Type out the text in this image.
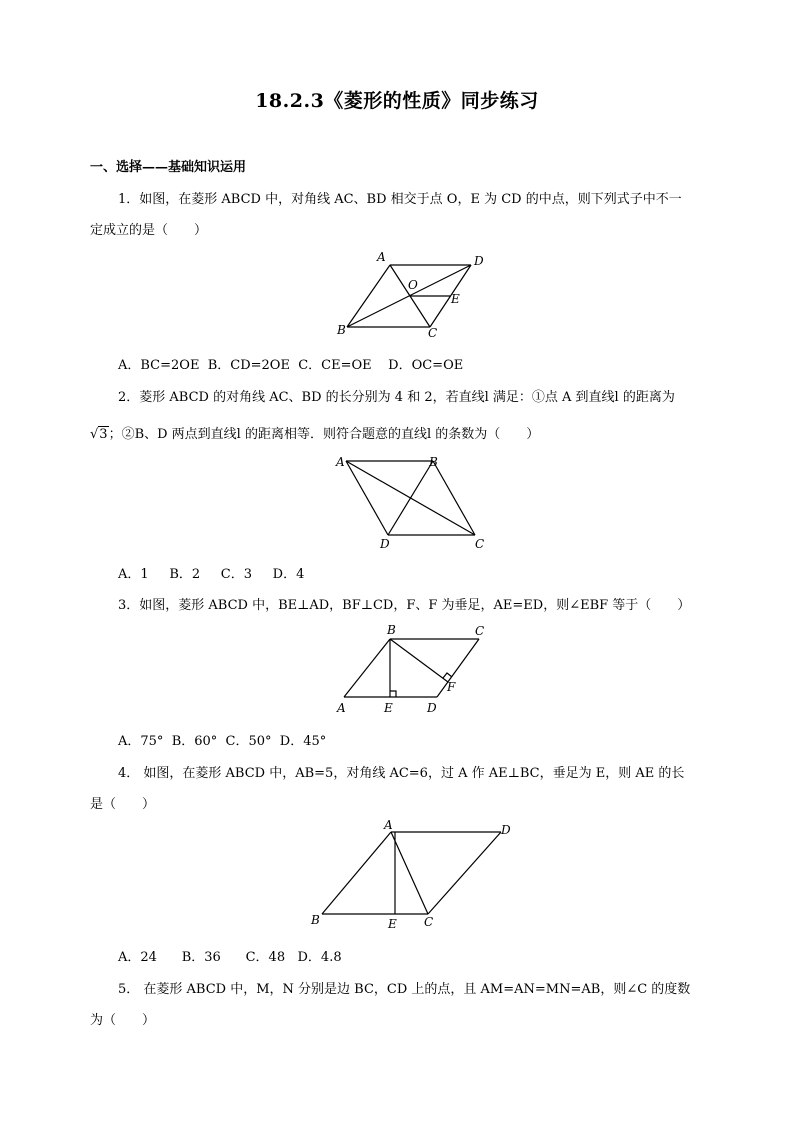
18.2.3《菱形的性质》同步练习
一、选择——基础知识运用
1．如图，在菱形 ABCD 中，对角线 AC、BD 相交于点 O，E 为 CD 的中点，则下列式子中不一
定成立的是（　　）
A	D
O
E
B	C
A．BC=2OE  B．CD=2OE  C．CE=OE    D．OC=OE
2．菱形 ABCD 的对角线 AC、BD 的长分别为 4 和 2，若直线l 满足：①点 A 到直线l 的距离为
√3；②B、D 两点到直线l 的距离相等．则符合题意的直线l 的条数为（　　）
A	B
C
D
A．1     B．2     C．3     D．4
3．如图，菱形 ABCD 中，BE⊥AD，BF⊥CD，F、F 为垂足，AE=ED，则∠EBF 等于（　　）
B	C
F
A	E	D
A．75°  B．60°  C．50°  D．45°
4． 如图，在菱形 ABCD 中，AB=5，对角线 AC=6，过 A 作 AE⊥BC，垂足为 E，则 AE 的长
是（　　）
A	D
B	E C
A．24      B．36      C．48   D．4.8
5． 在菱形 ABCD 中，M，N 分别是边 BC，CD 上的点，且 AM=AN=MN=AB，则∠C 的度数
为（　　）
